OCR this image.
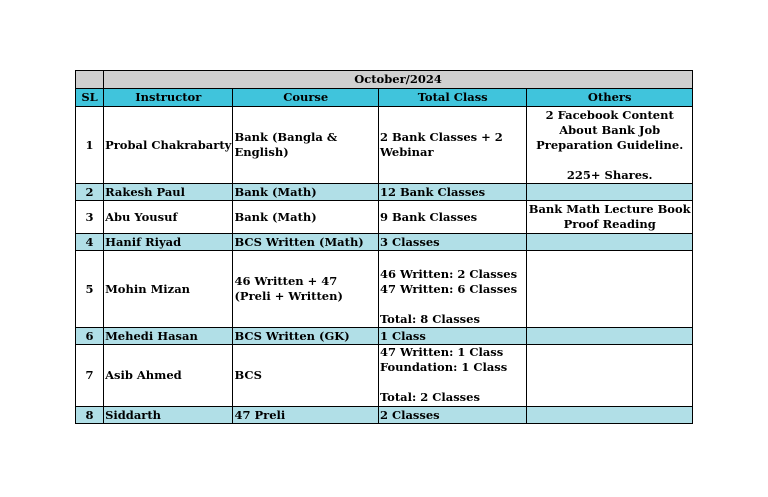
	October/2024			
SL	Instructor	Course	Total Class	Others
1	Probal Chakrabarty	Bank (Bangla & English)	2 Bank Classes + 2 Webinar	2 Facebook Content About Bank Job Preparation Guideline.
225+ Shares.

2	Rakesh Paul	Bank (Math)	12 Bank Classes	
3	Abu Yousuf	Bank (Math)	9 Bank Classes	Bank Math Lecture Book Proof Reading
4	Hanif Riyad	BCS Written (Math)	3 Classes	
5	Mohin Mizan	46 Written + 47 (Preli + Written)	46 Written: 2 Classes
47 Written: 6 Classes
Total: 8 Classes	

6	Mehedi Hasan	BCS Written (GK)	1 Class	
7	Asib Ahmed	BCS	47 Written: 1 Class
Foundation: 1 Class
Total: 2 Classes	

8	Siddarth	47 Preli	2 Classes	
